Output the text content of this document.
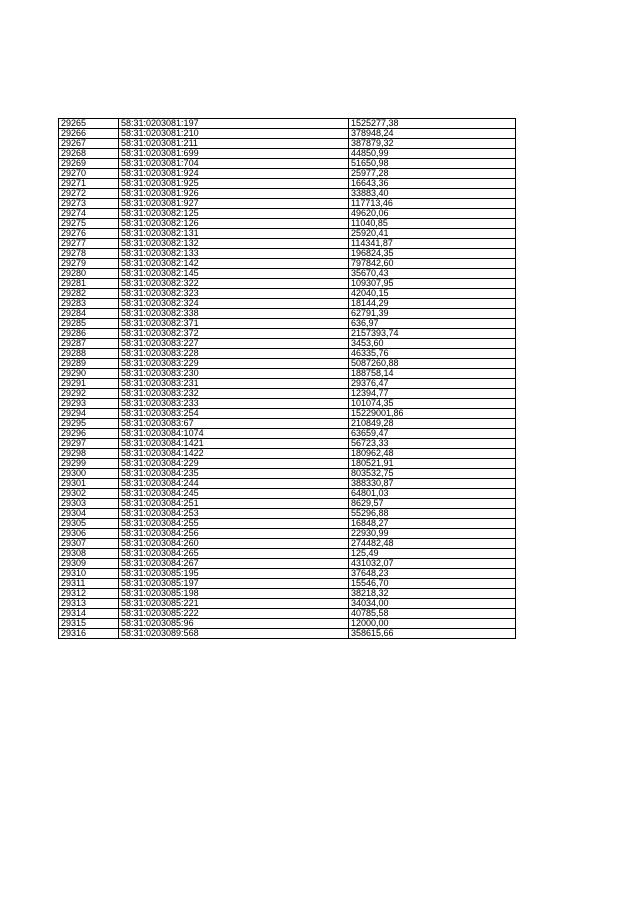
29265	58:31:0203081:197	1525277,38
29266	58:31:0203081:210	378948,24
29267	58:31:0203081:211	387879,32
29268	58:31:0203081:699	44850,99
29269	58:31:0203081:704	51650,98
29270	58:31:0203081:924	25977,28
29271	58:31:0203081:925	16643,36
29272	58:31:0203081:926	33883,40
29273	58:31:0203081:927	117713,46
29274	58:31:0203082:125	49620,06
29275	58:31:0203082:126	11040,85
29276	58:31:0203082:131	25920,41
29277	58:31:0203082:132	114341,87
29278	58:31:0203082:133	196824,35
29279	58:31:0203082:142	797842,60
29280	58:31:0203082:145	35670,43
29281	58:31:0203082:322	109307,95
29282	58:31:0203082:323	42040,15
29283	58:31:0203082:324	18144,29
29284	58:31:0203082:338	62791,39
29285	58:31:0203082:371	636,97
29286	58:31:0203082:372	2157393,74
29287	58:31:0203083:227	3453,60
29288	58:31:0203083:228	46335,76
29289	58:31:0203083:229	5087260,88
29290	58:31:0203083:230	188758,14
29291	58:31:0203083:231	29376,47
29292	58:31:0203083:232	12394,77
29293	58:31:0203083:233	101074,35
29294	58:31:0203083:254	15229001,86
29295	58:31:0203083:67	210849,28
29296	58:31:0203084:1074	63659,47
29297	58:31:0203084:1421	56723,33
29298	58:31:0203084:1422	180962,48
29299	58:31:0203084:229	180521,91
29300	58:31:0203084:235	803532,75
29301	58:31:0203084:244	388330,87
29302	58:31:0203084:245	64801,03
29303	58:31:0203084:251	8629,57
29304	58:31:0203084:253	55296,88
29305	58:31:0203084:255	16848,27
29306	58:31:0203084:256	22930,99
29307	58:31:0203084:260	274482,48
29308	58:31:0203084:265	125,49
29309	58:31:0203084:267	431032,07
29310	58:31:0203085:195	37648,23
29311	58:31:0203085:197	15546,70
29312	58:31:0203085:198	38218,32
29313	58:31:0203085:221	34034,00
29314	58:31:0203085:222	40785,58
29315	58:31:0203085:96	12000,00
29316	58:31:0203089:568	358615,66
